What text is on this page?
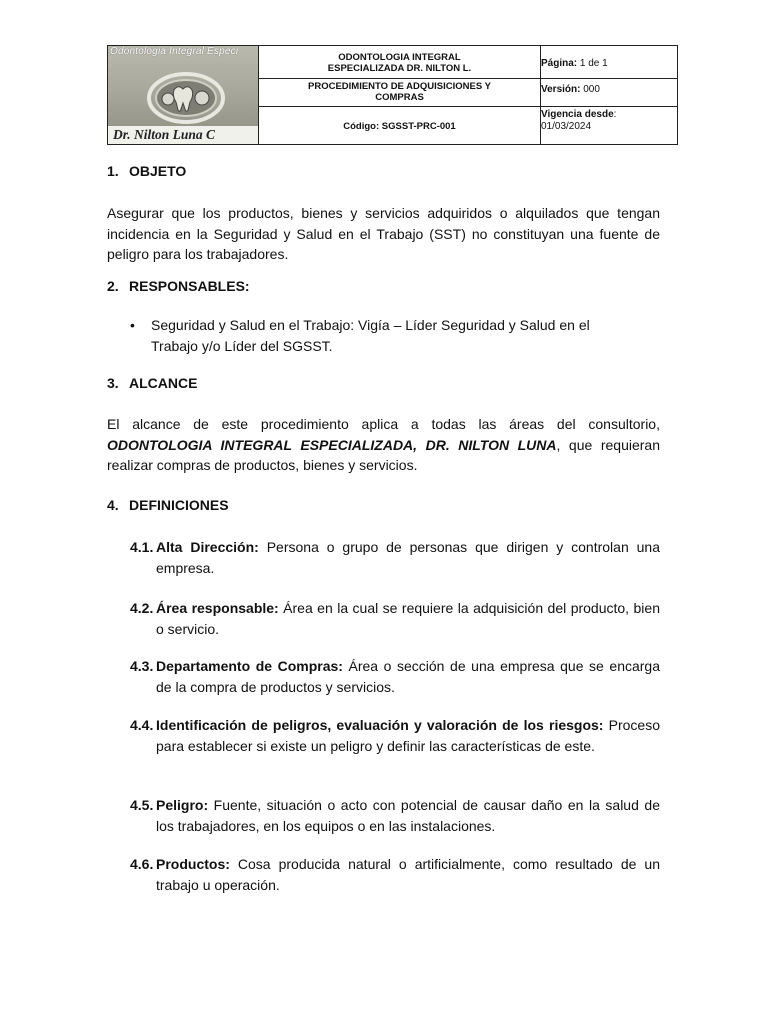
Odontologia Integral Especi
Dr. Nilton Luna C
ODONTOLOGIA INTEGRAL ESPECIALIZADA DR. NILTON L.
PROCEDIMIENTO DE ADQUISICIONES Y COMPRAS
Código: SGSST-PRC-001
Página: 1 de 1
Versión: 000
Vigencia desde:
01/03/2024
1. OBJETO
Asegurar que los productos, bienes y servicios adquiridos o alquilados que tengan incidencia en la Seguridad y Salud en el Trabajo (SST) no constituyan una fuente de peligro para los trabajadores.
2. RESPONSABLES:
• Seguridad y Salud en el Trabajo: Vigía – Líder Seguridad y Salud en el Trabajo y/o Líder del SGSST.
3. ALCANCE
El alcance de este procedimiento aplica a todas las áreas del consultorio, ODONTOLOGIA INTEGRAL ESPECIALIZADA, DR. NILTON LUNA, que requieran realizar compras de productos, bienes y servicios.
4. DEFINICIONES
4.1. Alta Dirección: Persona o grupo de personas que dirigen y controlan una empresa.
4.2. Área responsable: Área en la cual se requiere la adquisición del producto, bien o servicio.
4.3. Departamento de Compras: Área o sección de una empresa que se encarga de la compra de productos y servicios.
4.4. Identificación de peligros, evaluación y valoración de los riesgos: Proceso para establecer si existe un peligro y definir las características de este.
4.5. Peligro: Fuente, situación o acto con potencial de causar daño en la salud de los trabajadores, en los equipos o en las instalaciones.
4.6. Productos: Cosa producida natural o artificialmente, como resultado de un trabajo u operación.
